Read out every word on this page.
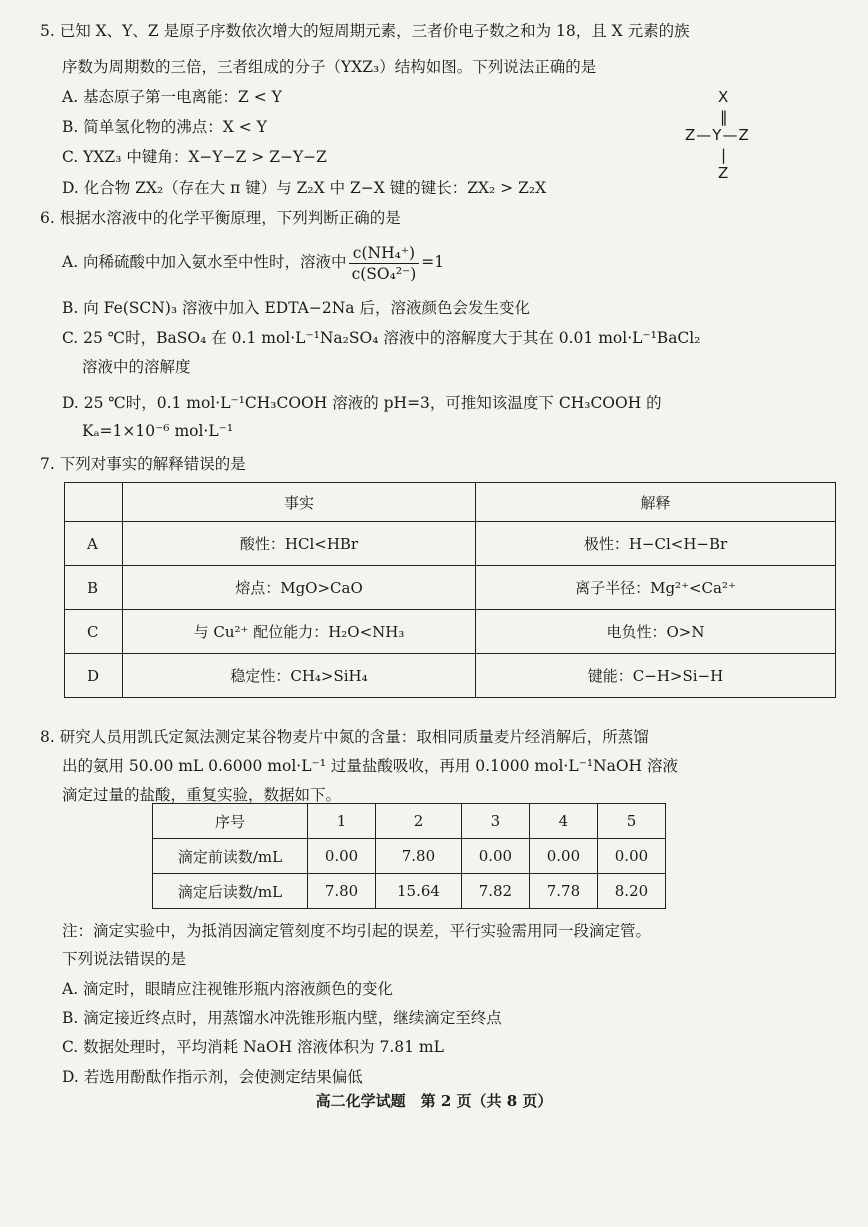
5. 已知 X、Y、Z 是原子序数依次增大的短周期元素，三者价电子数之和为 18，且 X 元素的族
序数为周期数的三倍，三者组成的分子（YXZ₃）结构如图。下列说法正确的是
A. 基态原子第一电离能：Z < Y
B. 简单氢化物的沸点：X < Y
C. YXZ₃ 中键角：X−Y−Z > Z−Y−Z
D. 化合物 ZX₂（存在大 π 键）与 Z₂X 中 Z−X 键的键长：ZX₂ > Z₂X
X
‖
Z—Y—Z
|
Z
6. 根据水溶液中的化学平衡原理，下列判断正确的是
A. 向稀硫酸中加入氨水至中性时，溶液中 $\frac{\text{c(NH₄⁺)}}{\text{c(SO₄²⁻)}} =1$
B. 向 Fe(SCN)₃ 溶液中加入 EDTA−2Na 后，溶液颜色会发生变化
C. 25 ℃时，BaSO₄ 在 0.1 mol·L⁻¹Na₂SO₄ 溶液中的溶解度大于其在 0.01 mol·L⁻¹BaCl₂
溶液中的溶解度
D. 25 ℃时，0.1 mol·L⁻¹CH₃COOH 溶液的 pH=3，可推知该温度下 CH₃COOH 的
Kₐ=1×10⁻⁶ mol·L⁻¹
7. 下列对事实的解释错误的是
	事实	解释
A	酸性：HCl<HBr	极性：H−Cl<H−Br
B	熔点：MgO>CaO	离子半径：Mg²⁺<Ca²⁺
C	与 Cu²⁺ 配位能力：H₂O<NH₃	电负性：O>N
D	稳定性：CH₄>SiH₄	键能：C−H>Si−H
8. 研究人员用凯氏定氮法测定某谷物麦片中氮的含量：取相同质量麦片经消解后，所蒸馏
出的氨用 50.00 mL 0.6000 mol·L⁻¹ 过量盐酸吸收，再用 0.1000 mol·L⁻¹NaOH 溶液
滴定过量的盐酸，重复实验，数据如下。
序号	1	2	3	4	5
滴定前读数/mL	0.00	7.80	0.00	0.00	0.00
滴定后读数/mL	7.80	15.64	7.82	7.78	8.20
注：滴定实验中，为抵消因滴定管刻度不均引起的误差，平行实验需用同一段滴定管。
下列说法错误的是
A. 滴定时，眼睛应注视锥形瓶内溶液颜色的变化
B. 滴定接近终点时，用蒸馏水冲洗锥形瓶内壁，继续滴定至终点
C. 数据处理时，平均消耗 NaOH 溶液体积为 7.81 mL
D. 若选用酚酞作指示剂，会使测定结果偏低
高二化学试题　第 2 页（共 8 页）
